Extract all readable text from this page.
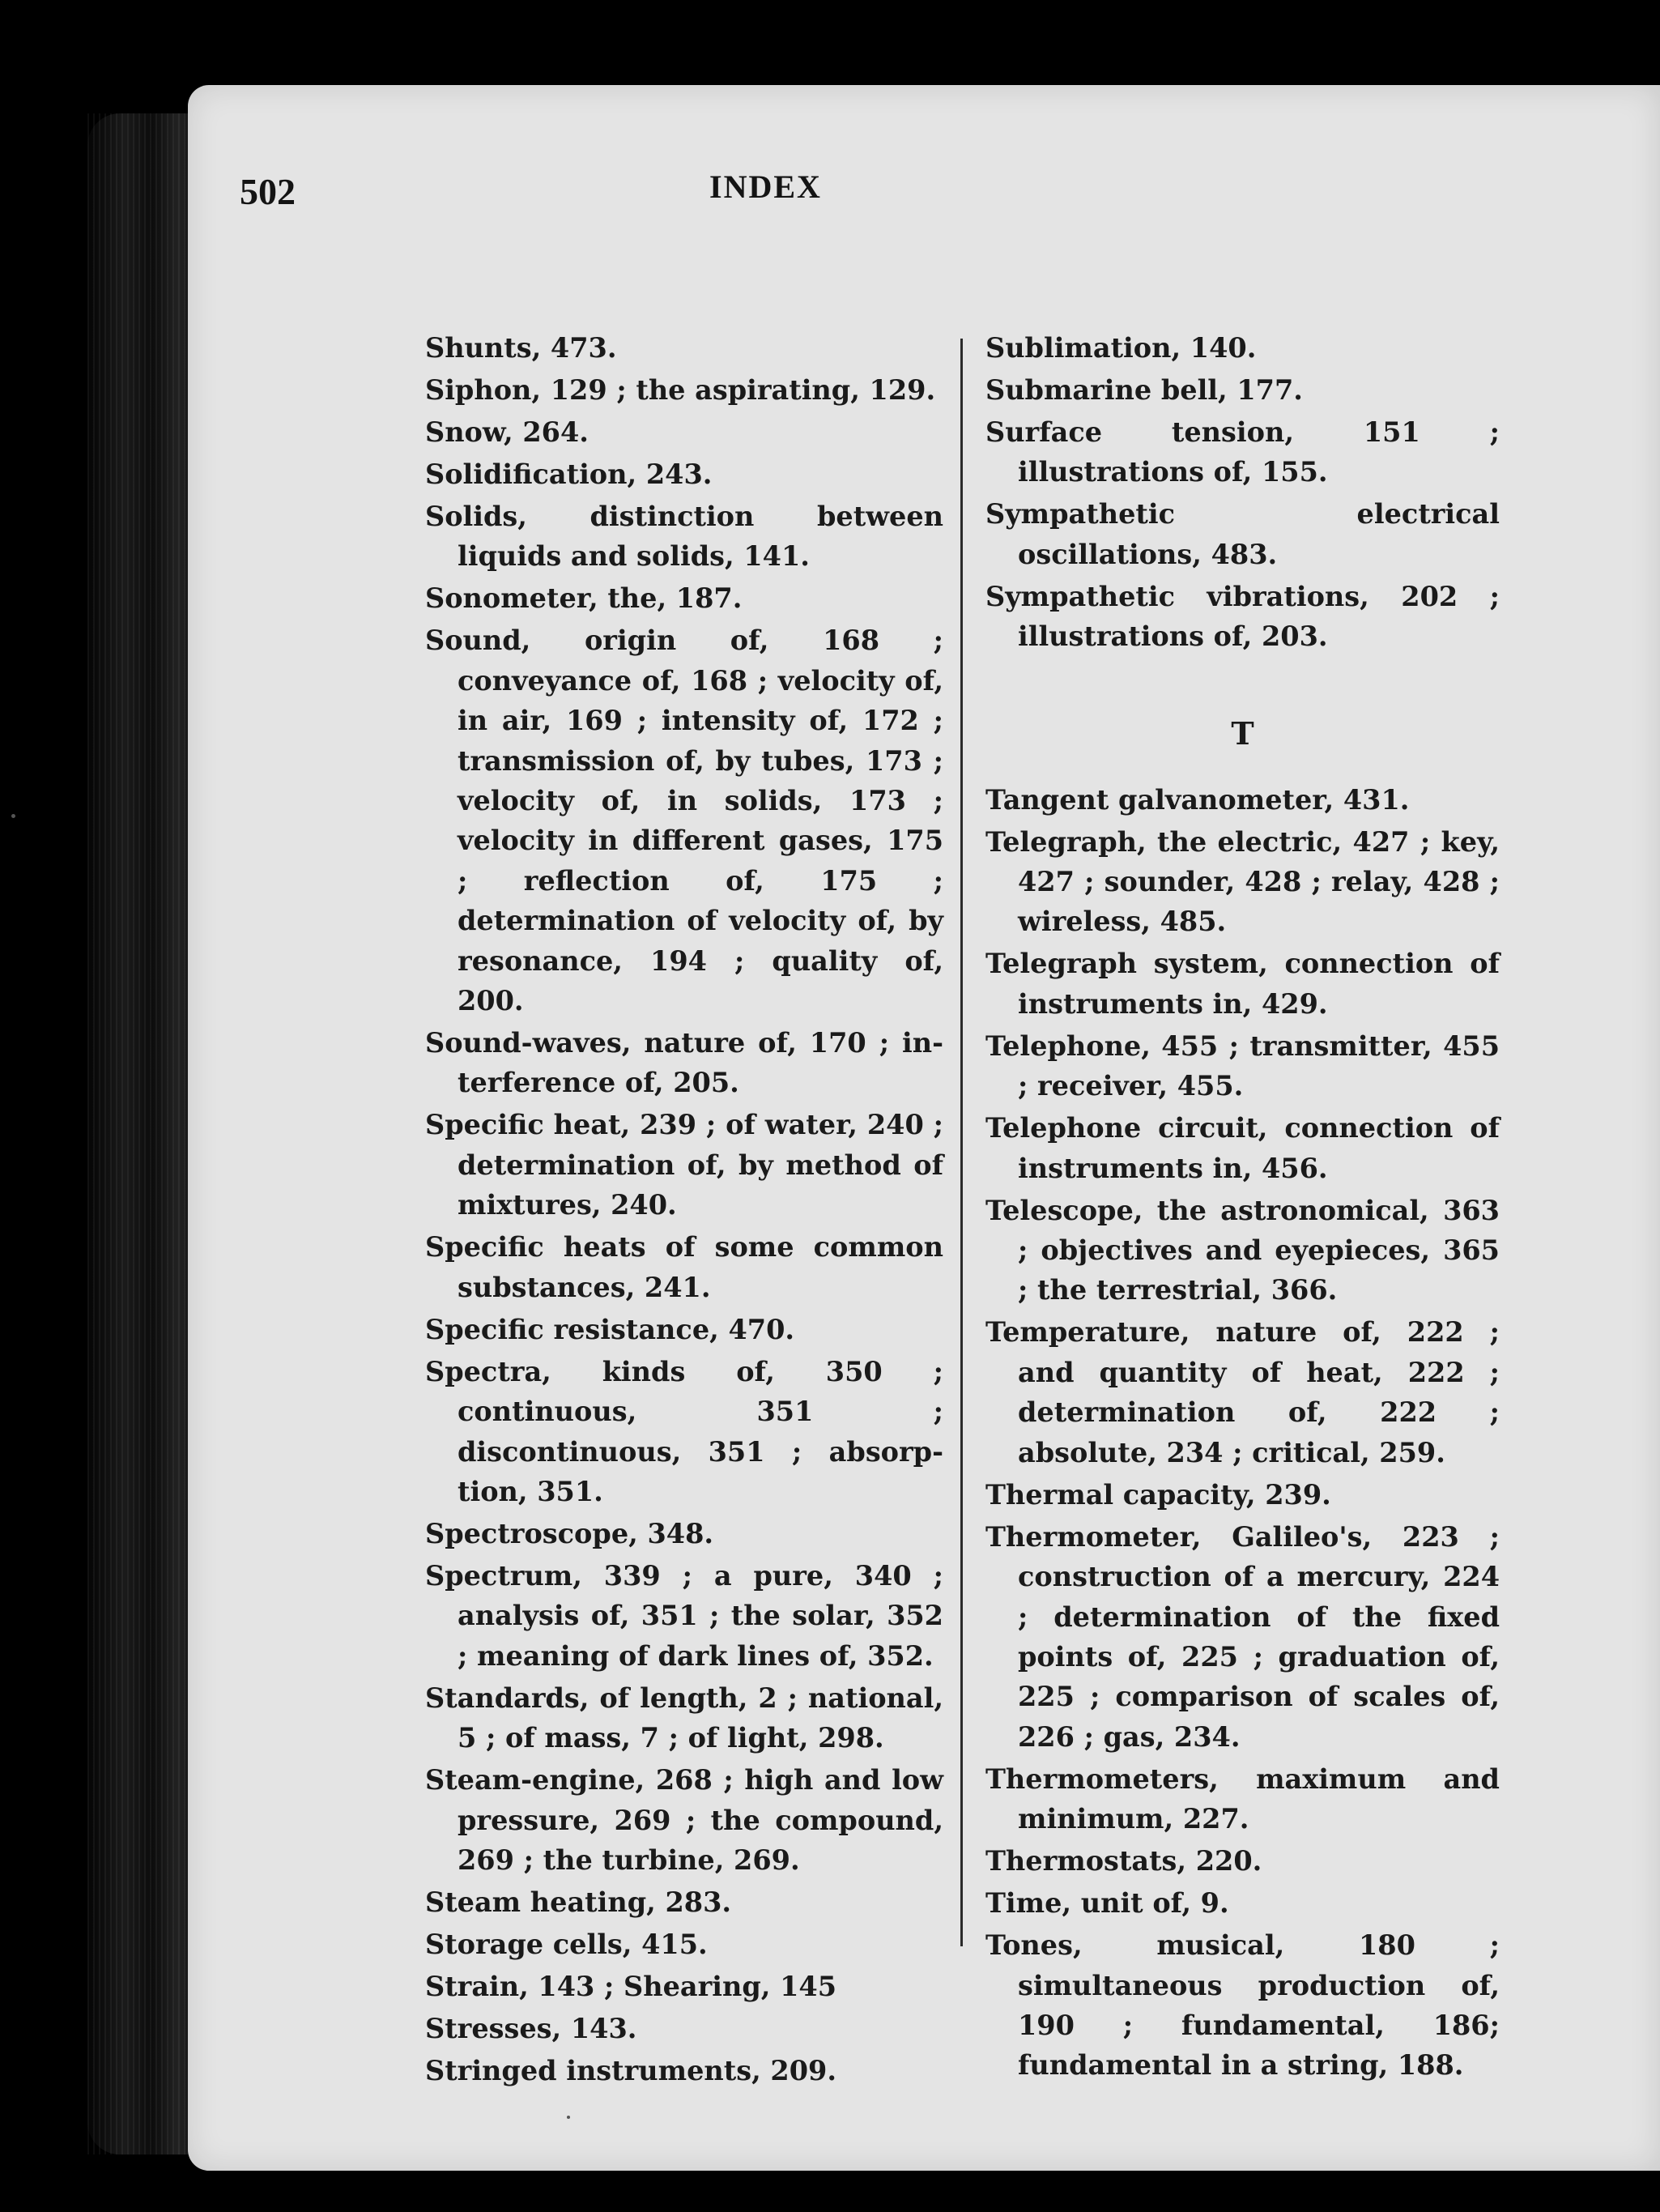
502	INDEX

Shunts, 473.

Siphon, 129 ; the aspirating, 129.

Snow, 264.

Solidification, 243.

Solids, distinction between liquids and solids, 141.

Sonometer, the, 187.

Sound, origin of, 168 ; conveyance of, 168 ; velocity of, in air, 169 ; intensity of, 172 ; transmission of, by tubes, 173 ; velocity of, in solids, 173 ; velocity in different gases, 175 ; reflection of, 175 ; determination of velocity of, by resonance, 194 ; quality of, 200.

Sound-waves, nature of, 170 ; interference of, 205.

Specific heat, 239 ; of water, 240 ; determination of, by method of mixtures, 240.

Specific heats of some common substances, 241.

Specific resistance, 470.

Spectra, kinds of, 350 ; continuous, 351 ; discontinuous, 351 ; absorption, 351.

Spectroscope, 348.

Spectrum, 339 ; a pure, 340 ; analysis of, 351 ; the solar, 352 ; meaning of dark lines of, 352.

Standards, of length, 2 ; national, 5 ; of mass, 7 ; of light, 298.

Steam-engine, 268 ; high and low pressure, 269 ; the compound, 269 ; the turbine, 269.

Steam heating, 283.

Storage cells, 415.

Strain, 143 ; Shearing, 145

Stresses, 143.

Stringed instruments, 209.

Sublimation, 140.

Submarine bell, 177.

Surface tension, 151 ; illustrations of, 155.

Sympathetic electrical oscillations, 483.

Sympathetic vibrations, 202 ; illustrations of, 203.

T

Tangent galvanometer, 431.

Telegraph, the electric, 427 ; key, 427 ; sounder, 428 ; relay, 428 ; wireless, 485.

Telegraph system, connection of instruments in, 429.

Telephone, 455 ; transmitter, 455 ; receiver, 455.

Telephone circuit, connection of instruments in, 456.

Telescope, the astronomical, 363 ; objectives and eyepieces, 365 ; the terrestrial, 366.

Temperature, nature of, 222 ; and quantity of heat, 222 ; determination of, 222 ; absolute, 234 ; critical, 259.

Thermal capacity, 239.

Thermometer, Galileo's, 223 ; construction of a mercury, 224 ; determination of the fixed points of, 225 ; graduation of, 225 ; comparison of scales of, 226 ; gas, 234.

Thermometers, maximum and minimum, 227.

Thermostats, 220.

Time, unit of, 9.

Tones, musical, 180 ; simultaneous production of, 190 ; fundamental, 186; fundamental in a string, 188.
